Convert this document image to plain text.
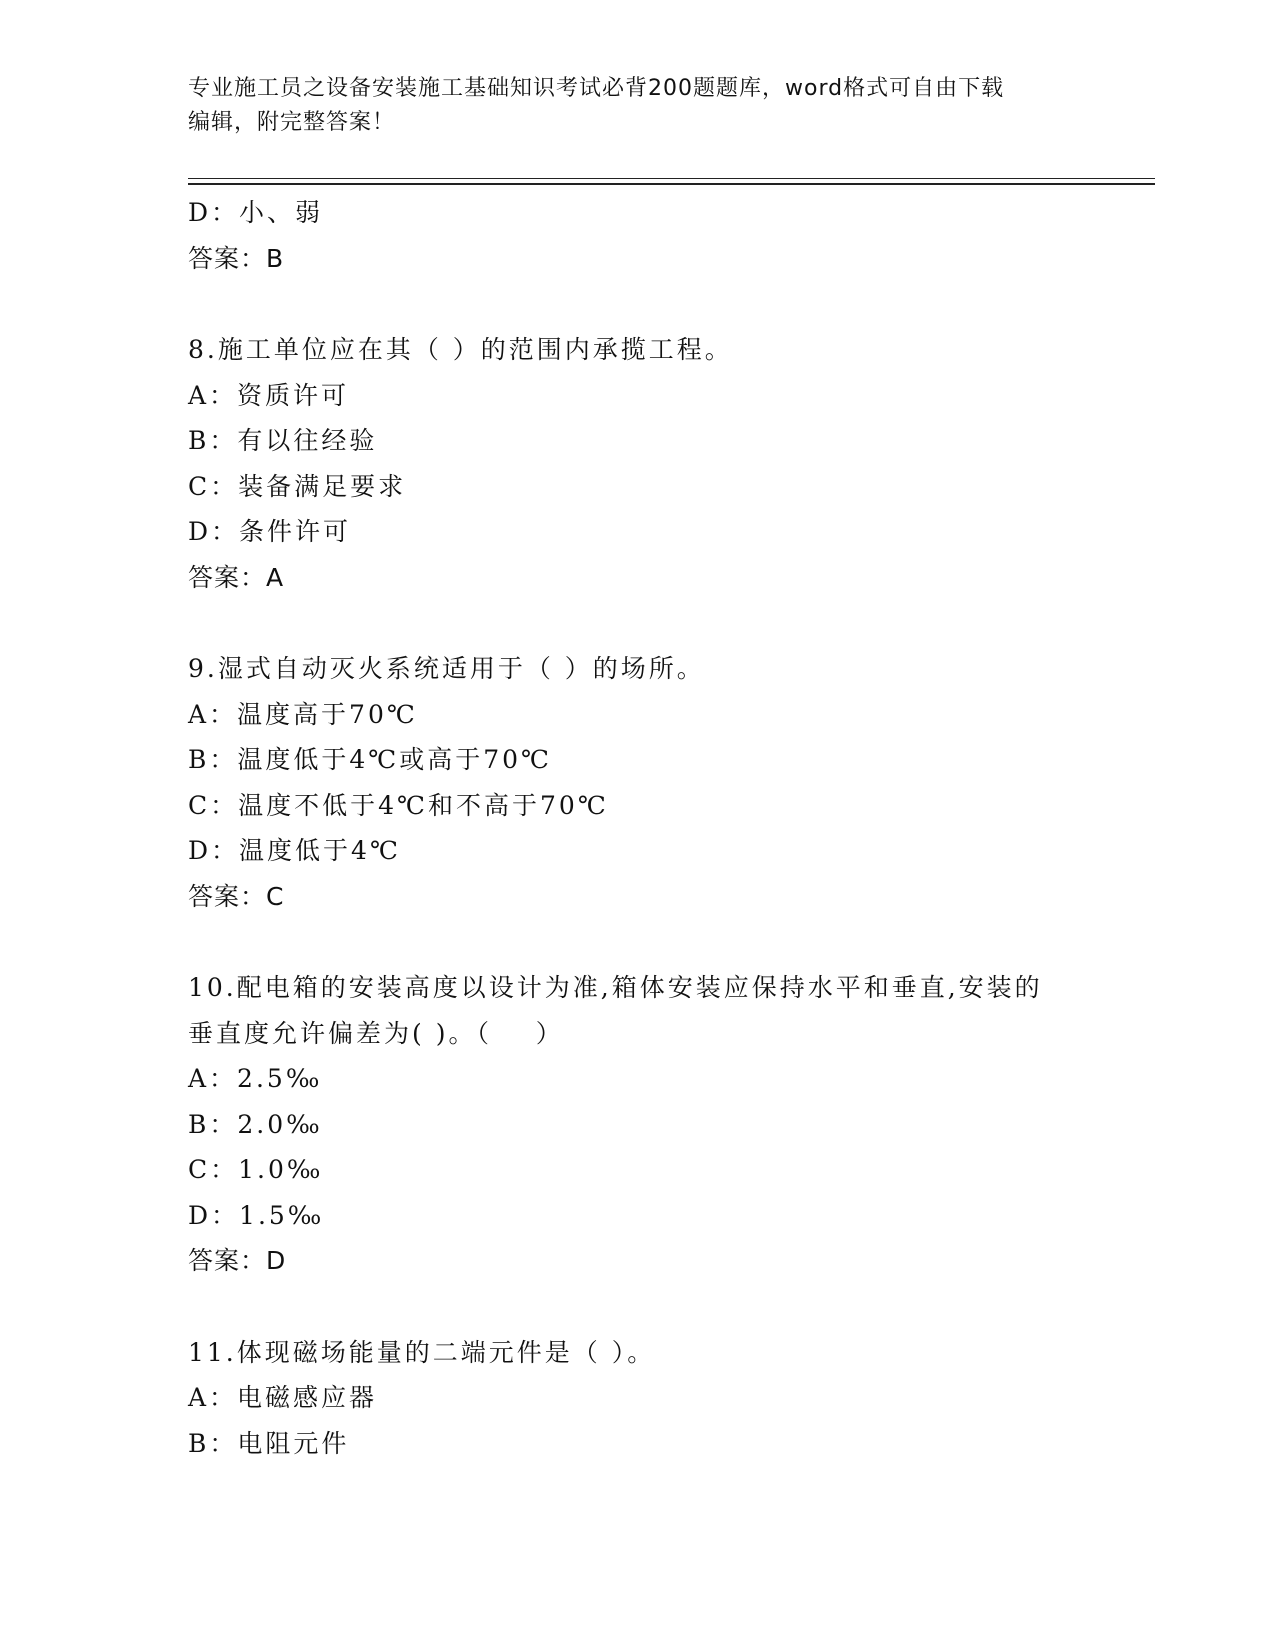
专业施工员之设备安装施工基础知识考试必背200题题库，word格式可自由下载
编辑，附完整答案！
D：小、弱
答案：B
8.施工单位应在其（ ）的范围内承揽工程。
A：资质许可
B：有以往经验
C：装备满足要求
D：条件许可
答案：A
9.湿式自动灭火系统适用于（ ）的场所。
A：温度高于70℃
B：温度低于4℃或高于70℃
C：温度不低于4℃和不高于70℃
D：温度低于4℃
答案：C
10.配电箱的安装高度以设计为准,箱体安装应保持水平和垂直,安装的
垂直度允许偏差为( )。（    ）
A：2.5‰
B：2.0‰
C：1.0‰
D：1.5‰
答案：D
11.体现磁场能量的二端元件是（ ）。
A：电磁感应器
B：电阻元件
